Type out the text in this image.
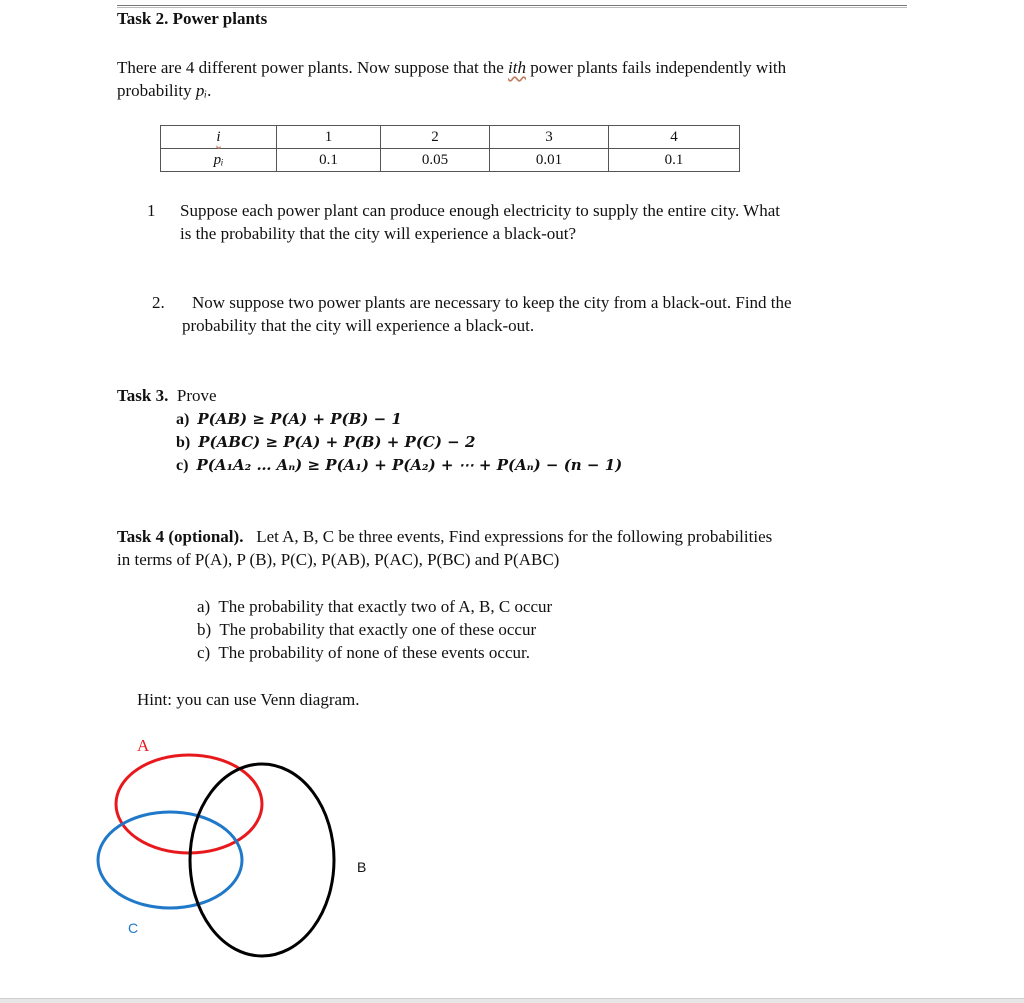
Task 2. Power plants
There are 4 different power plants. Now suppose that the ith power plants fails independently with
probability pᵢ.
i	1	2	3	4
pᵢ	0.1	0.05	0.01	0.1
1 Suppose each power plant can produce enough electricity to supply the entire city. What
is the probability that the city will experience a black-out?
2.	Now suppose two power plants are necessary to keep the city from a black-out. Find the
probability that the city will experience a black-out.
Task 3. Prove
a) P(AB) ≥ P(A) + P(B) − 1
b) P(ABC) ≥ P(A) + P(B) + P(C) − 2
c) P(A₁A₂ … Aₙ) ≥ P(A₁) + P(A₂) + ⋯ + P(Aₙ) − (n − 1)
Task 4 (optional). Let A, B, C be three events, Find expressions for the following probabilities
in terms of P(A), P (B), P(C), P(AB), P(AC), P(BC) and P(ABC)
a) The probability that exactly two of A, B, C occur
b) The probability that exactly one of these occur
c) The probability of none of these events occur.
Hint: you can use Venn diagram.
A
B
C
